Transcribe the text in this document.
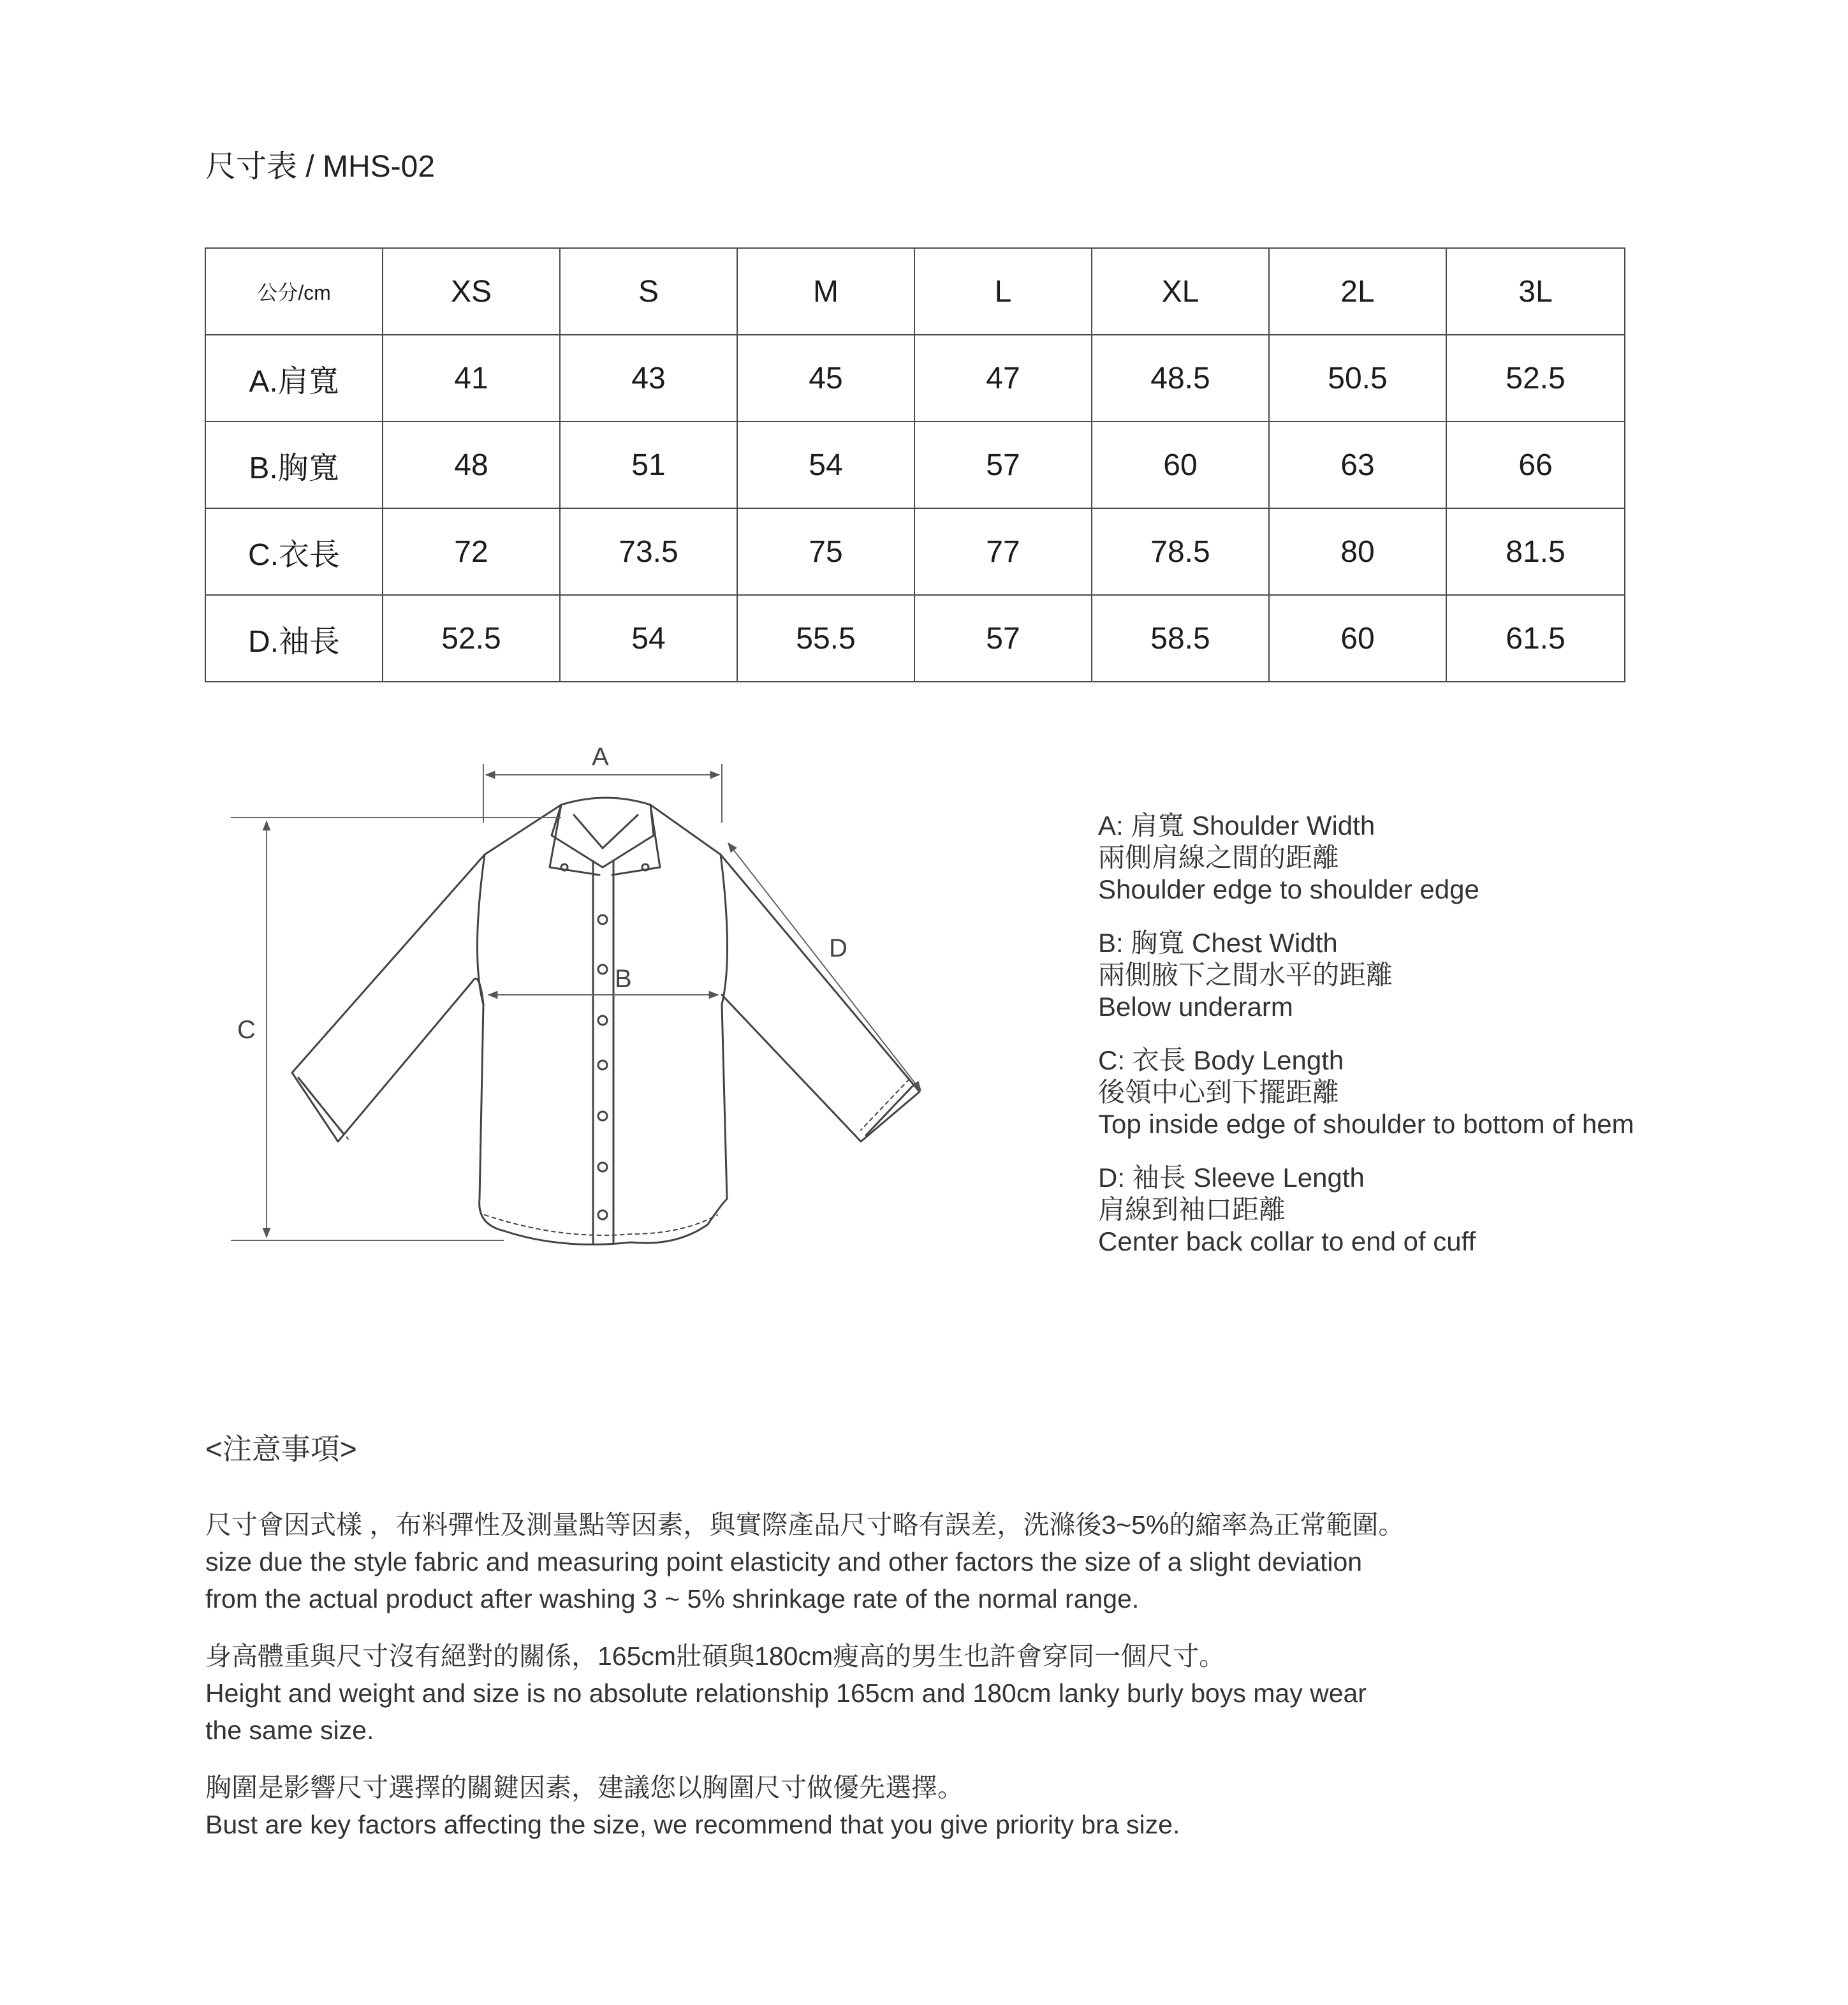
尺寸表 / MHS-02
公分/cm	XS	S	M	L	XL	2L	3L
A.肩寬	41	43	45	47	48.5	50.5	52.5
B.胸寬	48	51	54	57	60	63	66
C.衣長	72	73.5	75	77	78.5	80	81.5
D.袖長	52.5	54	55.5	57	58.5	60	61.5
A
B
C
D

A: 肩寬 Shoulder Width

兩側肩線之間的距離

Shoulder edge to shoulder edge

B: 胸寬 Chest Width

兩側腋下之間水平的距離

Below underarm

C: 衣長 Body Length

後領中心到下擺距離

Top inside edge of shoulder to bottom of hem

D: 袖長 Sleeve Length

肩線到袖口距離

Center back collar to end of cuff

<注意事項>

尺寸會因式樣 ，布料彈性及測量點等因素，與實際產品尺寸略有誤差，洗滌後3~5%的縮率為正常範圍。

size due the style fabric and measuring point elasticity and other factors the size of a slight deviation

from the actual product after washing 3 ~ 5% shrinkage rate of the normal range.

身高體重與尺寸沒有絕對的關係，165cm壯碩與180cm瘦高的男生也許會穿同一個尺寸。

Height and weight and size is no absolute relationship 165cm and 180cm lanky burly boys may wear

the same size.

胸圍是影響尺寸選擇的關鍵因素，建議您以胸圍尺寸做優先選擇。

Bust are key factors affecting the size, we recommend that you give priority bra size.
